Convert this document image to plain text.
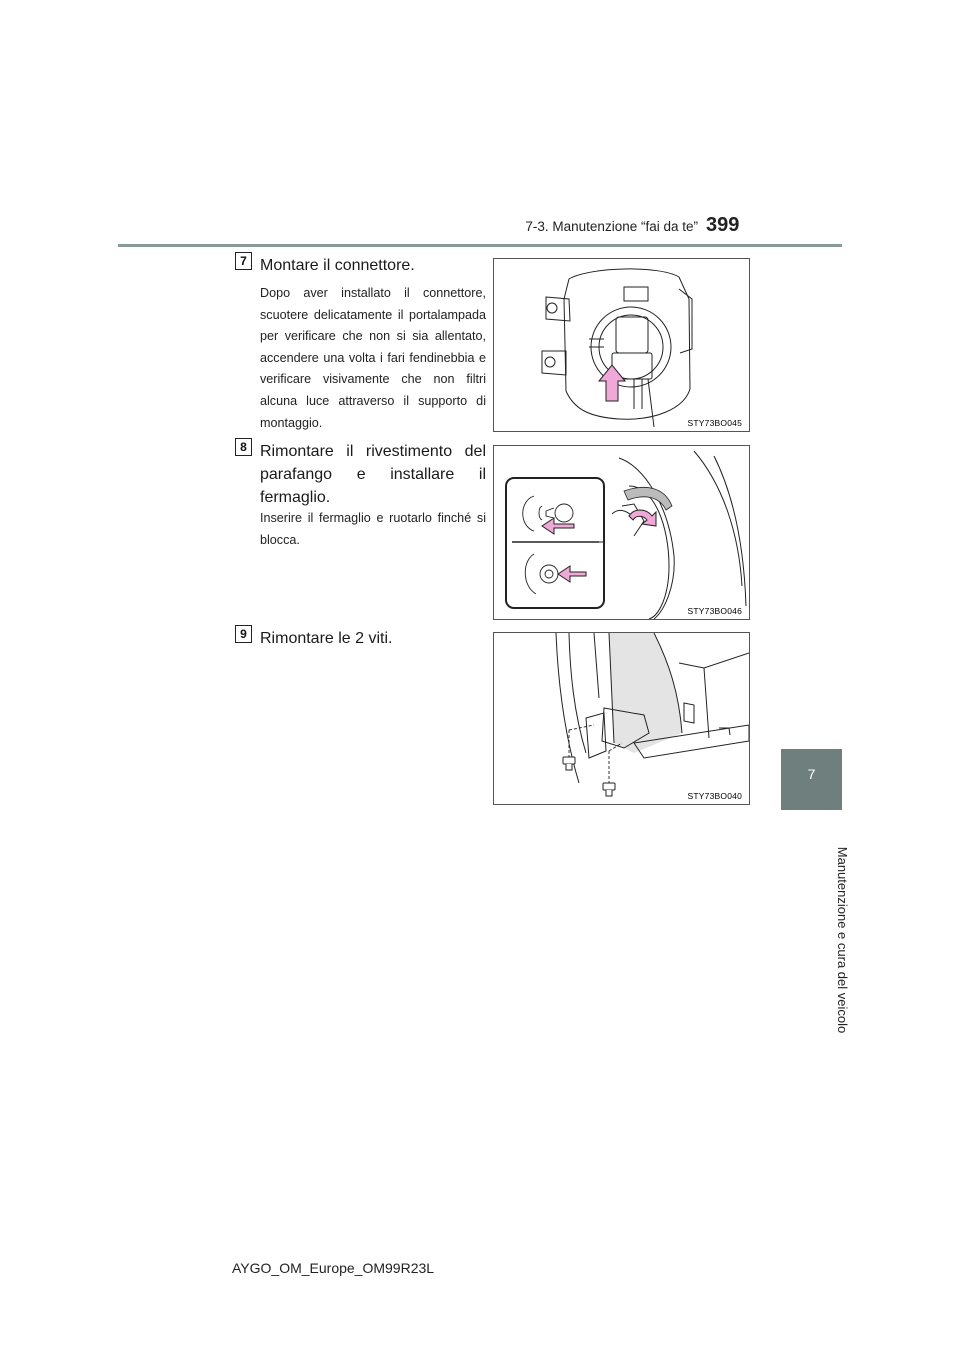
7-3. Manutenzione “fai da te” 399
7
Manutenzione e cura del veicolo
7 Montare il connettore.
Dopo aver installato il connettore, scuotere delicatamente il portalampada per verificare che non si sia allentato, accendere una volta i fari fendinebbia e verificare visivamente che non filtri alcuna luce attraverso il supporto di montaggio.	STY73BO045
8 Rimontare il rivestimento del parafango e installare il fermaglio.
Inserire il fermaglio e ruotarlo finché si blocca.
STY73BO046
9 Rimontare le 2 viti.
STY73BO040
AYGO_OM_Europe_OM99R23L
